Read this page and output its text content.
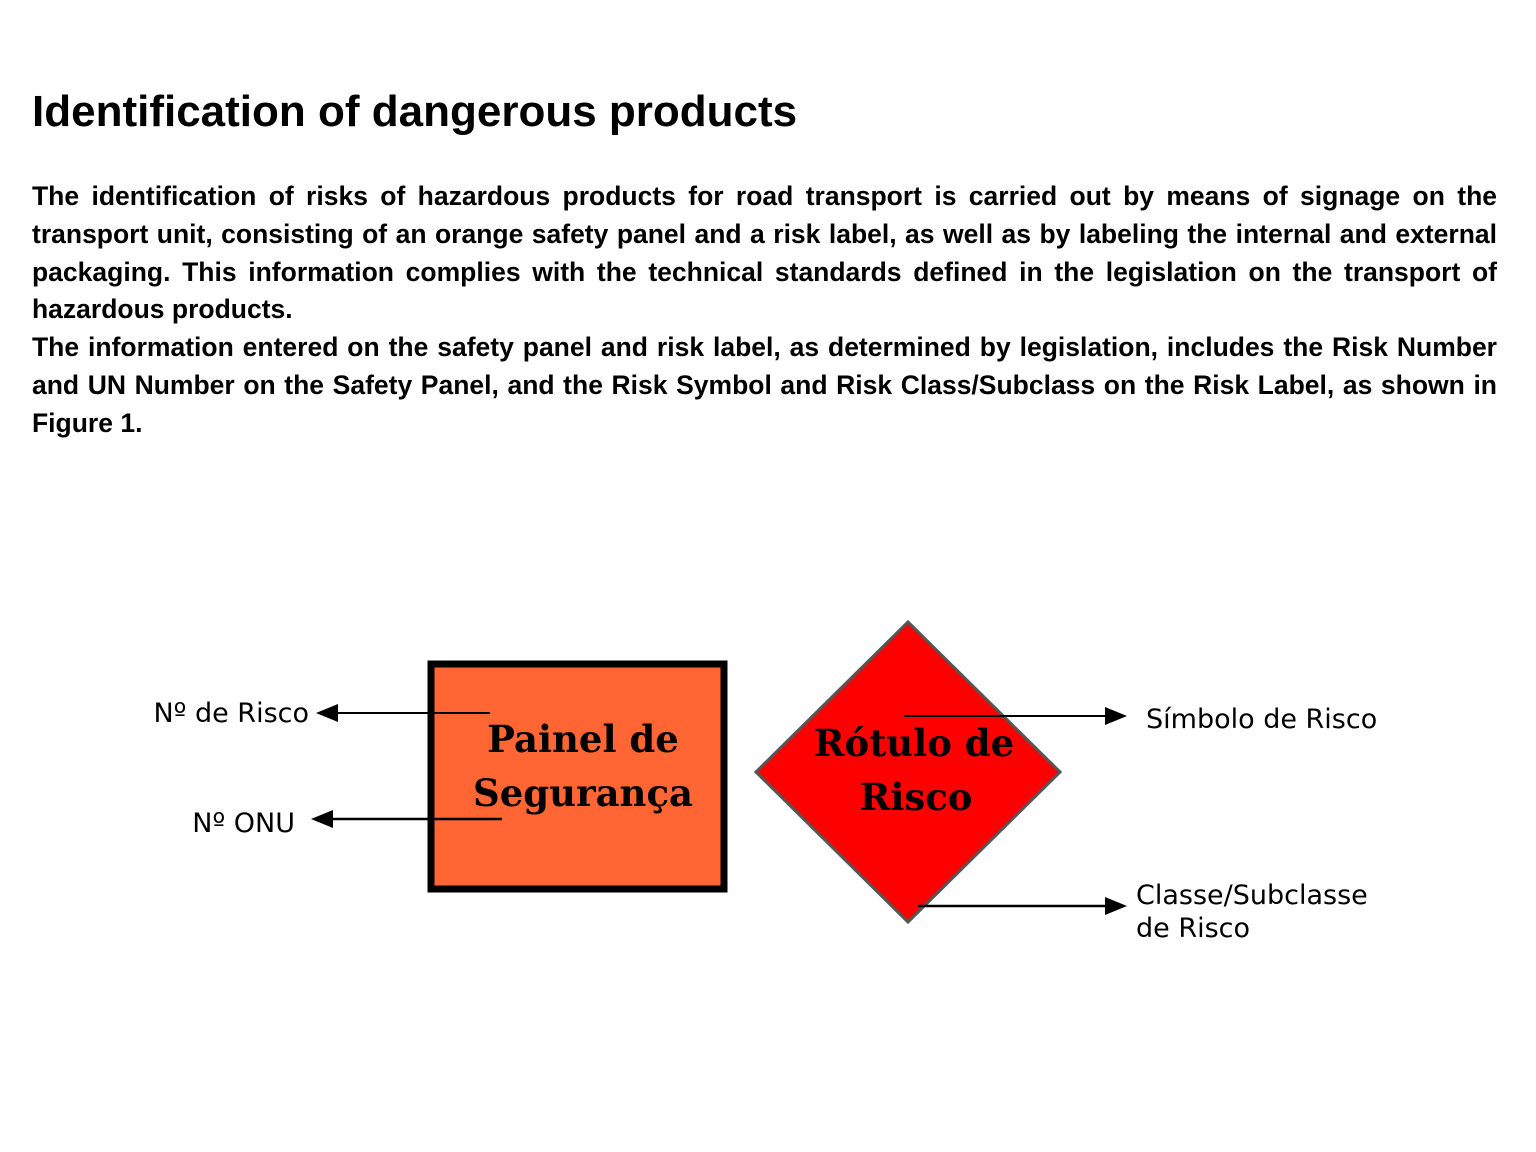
Identification of dangerous products

The identification of risks of hazardous products for road transport is carried out by means of signage on the transport unit, consisting of an orange safety panel and a risk label, as well as by labeling the internal and external packaging. This information complies with the technical standards defined in the legislation on the transport of hazardous products.

The information entered on the safety panel and risk label, as determined by legislation, includes the Risk Number and UN Number on the Safety Panel, and the Risk Symbol and Risk Class/Subclass on the Risk Label, as shown in Figure 1.

Painel de
Segurança
Rótulo de
Risco
Nº de Risco
Nº ONU
Símbolo de Risco
Classe/Subclasse
de Risco
